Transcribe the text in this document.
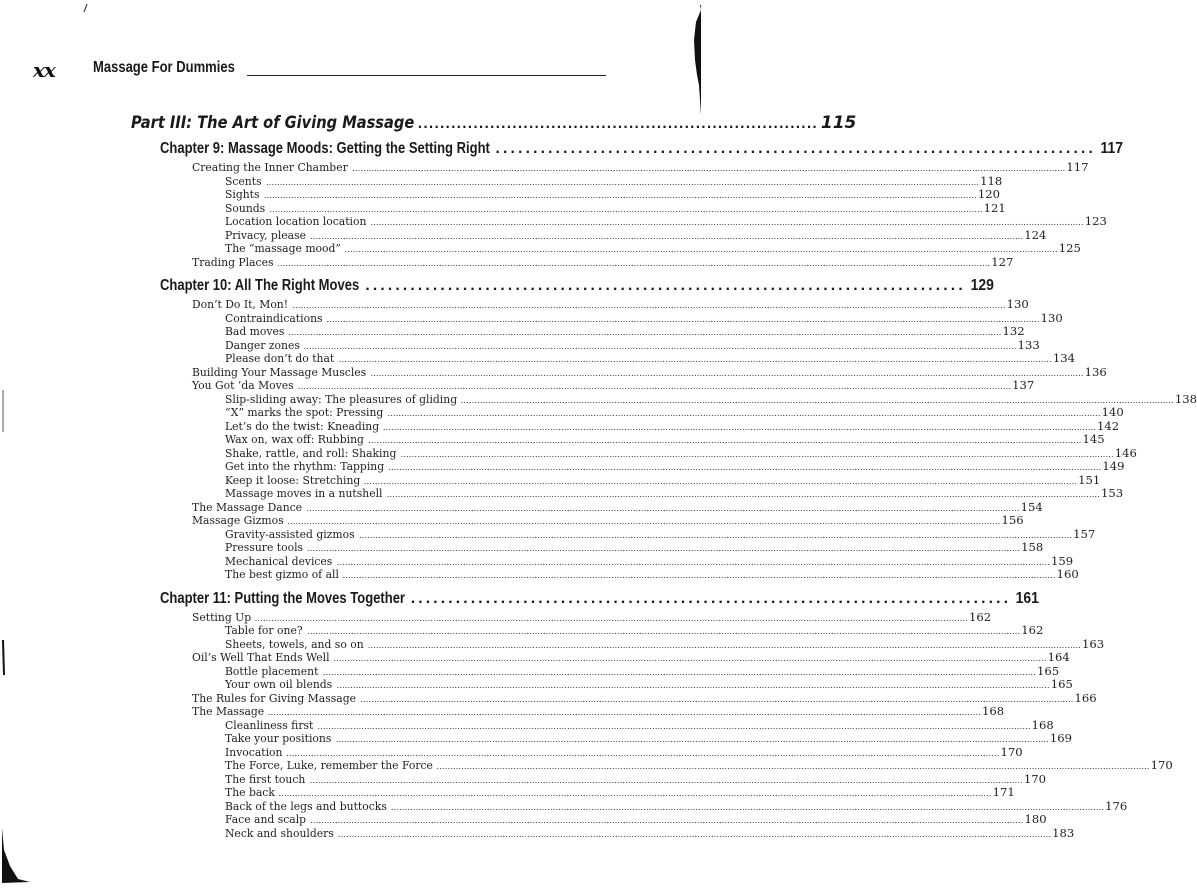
xx Massage For Dummies
Part III: The Art of Giving Massage ........................................................................ 115
Chapter 9: Massage Moods: Getting the Setting Right ................................................................................ 117
Creating the Inner Chamber .................................................................................................................................................................................................................................................................... 117
Scents .................................................................................................................................................................................................................................................................... 118
Sights .................................................................................................................................................................................................................................................................... 120
Sounds .................................................................................................................................................................................................................................................................... 121
Location location location .................................................................................................................................................................................................................................................................... 123
Privacy, please .................................................................................................................................................................................................................................................................... 124
The “massage mood” .................................................................................................................................................................................................................................................................... 125
Trading Places .................................................................................................................................................................................................................................................................... 127
Chapter 10: All The Right Moves ................................................................................ 129
Don’t Do It, Mon! .................................................................................................................................................................................................................................................................... 130
Contraindications .................................................................................................................................................................................................................................................................... 130
Bad moves .................................................................................................................................................................................................................................................................... 132
Danger zones .................................................................................................................................................................................................................................................................... 133
Please don’t do that .................................................................................................................................................................................................................................................................... 134
Building Your Massage Muscles .................................................................................................................................................................................................................................................................... 136
You Got ’da Moves .................................................................................................................................................................................................................................................................... 137
Slip-sliding away: The pleasures of gliding .................................................................................................................................................................................................................................................................... 138
“X” marks the spot: Pressing .................................................................................................................................................................................................................................................................... 140
Let’s do the twist: Kneading .................................................................................................................................................................................................................................................................... 142
Wax on, wax off: Rubbing .................................................................................................................................................................................................................................................................... 145
Shake, rattle, and roll: Shaking .................................................................................................................................................................................................................................................................... 146
Get into the rhythm: Tapping .................................................................................................................................................................................................................................................................... 149
Keep it loose: Stretching .................................................................................................................................................................................................................................................................... 151
Massage moves in a nutshell .................................................................................................................................................................................................................................................................... 153
The Massage Dance .................................................................................................................................................................................................................................................................... 154
Massage Gizmos .................................................................................................................................................................................................................................................................... 156
Gravity-assisted gizmos .................................................................................................................................................................................................................................................................... 157
Pressure tools .................................................................................................................................................................................................................................................................... 158
Mechanical devices .................................................................................................................................................................................................................................................................... 159
The best gizmo of all .................................................................................................................................................................................................................................................................... 160
Chapter 11: Putting the Moves Together ................................................................................ 161
Setting Up .................................................................................................................................................................................................................................................................... 162
Table for one? .................................................................................................................................................................................................................................................................... 162
Sheets, towels, and so on .................................................................................................................................................................................................................................................................... 163
Oil’s Well That Ends Well .................................................................................................................................................................................................................................................................... 164
Bottle placement .................................................................................................................................................................................................................................................................... 165
Your own oil blends .................................................................................................................................................................................................................................................................... 165
The Rules for Giving Massage .................................................................................................................................................................................................................................................................... 166
The Massage .................................................................................................................................................................................................................................................................... 168
Cleanliness first .................................................................................................................................................................................................................................................................... 168
Take your positions .................................................................................................................................................................................................................................................................... 169
Invocation .................................................................................................................................................................................................................................................................... 170
The Force, Luke, remember the Force .................................................................................................................................................................................................................................................................... 170
The first touch .................................................................................................................................................................................................................................................................... 170
The back .................................................................................................................................................................................................................................................................... 171
Back of the legs and buttocks .................................................................................................................................................................................................................................................................... 176
Face and scalp .................................................................................................................................................................................................................................................................... 180
Neck and shoulders .................................................................................................................................................................................................................................................................... 183
